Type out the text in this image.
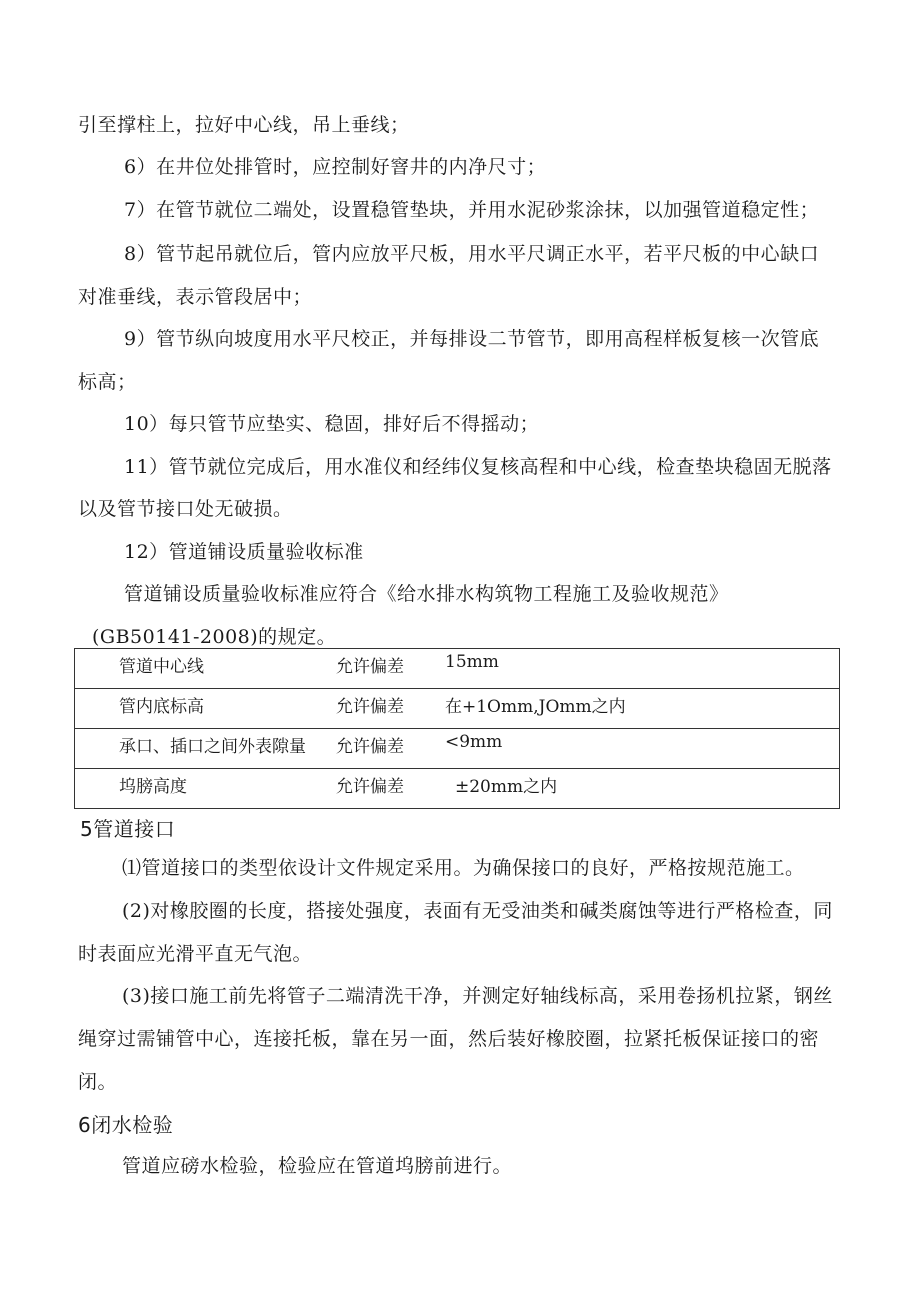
引至撑柱上，拉好中心线，吊上垂线；

6）在井位处排管时，应控制好窨井的内净尺寸；

7）在管节就位二端处，设置稳管垫块，并用水泥砂浆涂抹，以加强管道稳定性；

8）管节起吊就位后，管内应放平尺板，用水平尺调正水平，若平尺板的中心缺口

对准垂线，表示管段居中；

9）管节纵向坡度用水平尺校正，并每排设二节管节，即用高程样板复核一次管底

标高；

10）每只管节应垫实、稳固，排好后不得摇动；

11）管节就位完成后，用水准仪和经纬仪复核高程和中心线，检查垫块稳固无脱落

以及管节接口处无破损。

12）管道铺设质量验收标准

管道铺设质量验收标准应符合《给水排水构筑物工程施工及验收规范》

(GB50141-2008)的规定。

管道中心线	允许偏差 15mm

管内底标高	允许偏差 在+1Omm,JOmm之内

承口、插口之间外表隙量 允许偏差 <9mm

坞膀高度	允许偏差	±20mm之内

5管道接口

⑴管道接口的类型依设计文件规定采用。为确保接口的良好，严格按规范施工。

(2)对橡胶圈的长度，搭接处强度，表面有无受油类和碱类腐蚀等进行严格检查，同

时表面应光滑平直无气泡。

(3)接口施工前先将管子二端清洗干净，并测定好轴线标高，采用卷扬机拉紧，钢丝

绳穿过需铺管中心，连接托板，靠在另一面，然后装好橡胶圈，拉紧托板保证接口的密

闭。

6闭水检验

管道应磅水检验，检验应在管道坞膀前进行。
